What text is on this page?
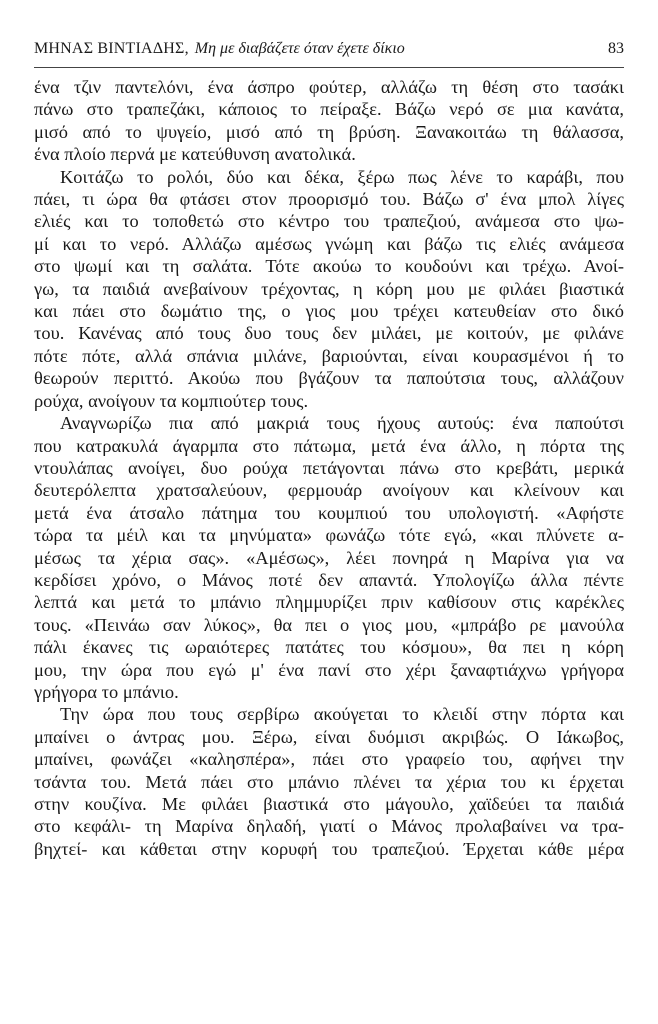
ΜΗΝΑΣ ΒΙΝΤΙΑΔΗΣ, Μη με διαβάζετε όταν έχετε δίκιο	83

ένα τζιν παντελόνι, ένα άσπρο φούτερ, αλλάζω τη θέση στο τασάκι
πάνω στο τραπεζάκι, κάποιος το πείραξε. Βάζω νερό σε μια κανάτα,
μισό από το ψυγείο, μισό από τη βρύση. Ξανακοιτάω τη θάλασσα,
ένα πλοίο περνά με κατεύθυνση ανατολικά.

Κοιτάζω το ρολόι, δύο και δέκα, ξέρω πως λένε το καράβι, που
πάει, τι ώρα θα φτάσει στον προορισμό του. Βάζω σ' ένα μπολ λίγες
ελιές και το τοποθετώ στο κέντρο του τραπεζιού, ανάμεσα στο ψω-
μί και το νερό. Αλλάζω αμέσως γνώμη και βάζω τις ελιές ανάμεσα
στο ψωμί και τη σαλάτα. Τότε ακούω το κουδούνι και τρέχω. Ανοί-
γω, τα παιδιά ανεβαίνουν τρέχοντας, η κόρη μου με φιλάει βιαστικά
και πάει στο δωμάτιο της, ο γιος μου τρέχει κατευθείαν στο δικό
του. Κανένας από τους δυο τους δεν μιλάει, με κοιτούν, με φιλάνε
πότε πότε, αλλά σπάνια μιλάνε, βαριούνται, είναι κουρασμένοι ή το
θεωρούν περιττό. Ακούω που βγάζουν τα παπούτσια τους, αλλάζουν
ρούχα, ανοίγουν τα κομπιούτερ τους.

Αναγνωρίζω πια από μακριά τους ήχους αυτούς: ένα παπούτσι
που κατρακυλά άγαρμπα στο πάτωμα, μετά ένα άλλο, η πόρτα της
ντουλάπας ανοίγει, δυο ρούχα πετάγονται πάνω στο κρεβάτι, μερικά
δευτερόλεπτα χρατσαλεύουν, φερμουάρ ανοίγουν και κλείνουν και
μετά ένα άτσαλο πάτημα του κουμπιού του υπολογιστή. «Αφήστε
τώρα τα μέιλ και τα μηνύματα» φωνάζω τότε εγώ, «και πλύνετε α-
μέσως τα χέρια σας». «Αμέσως», λέει πονηρά η Μαρίνα για να
κερδίσει χρόνο, ο Μάνος ποτέ δεν απαντά. Υπολογίζω άλλα πέντε
λεπτά και μετά το μπάνιο πλημμυρίζει πριν καθίσουν στις καρέκλες
τους. «Πεινάω σαν λύκος», θα πει ο γιος μου, «μπράβο ρε μανούλα
πάλι έκανες τις ωραιότερες πατάτες του κόσμου», θα πει η κόρη
μου, την ώρα που εγώ μ' ένα πανί στο χέρι ξαναφτιάχνω γρήγορα
γρήγορα το μπάνιο.

Την ώρα που τους σερβίρω ακούγεται το κλειδί στην πόρτα και
μπαίνει ο άντρας μου. Ξέρω, είναι δυόμισι ακριβώς. Ο Ιάκωβος,
μπαίνει, φωνάζει «καλησπέρα», πάει στο γραφείο του, αφήνει την
τσάντα του. Μετά πάει στο μπάνιο πλένει τα χέρια του κι έρχεται
στην κουζίνα. Με φιλάει βιαστικά στο μάγουλο, χαϊδεύει τα παιδιά
στο κεφάλι- τη Μαρίνα δηλαδή, γιατί ο Μάνος προλαβαίνει να τρα-
βηχτεί- και κάθεται στην κορυφή του τραπεζιού. Έρχεται κάθε μέρα
